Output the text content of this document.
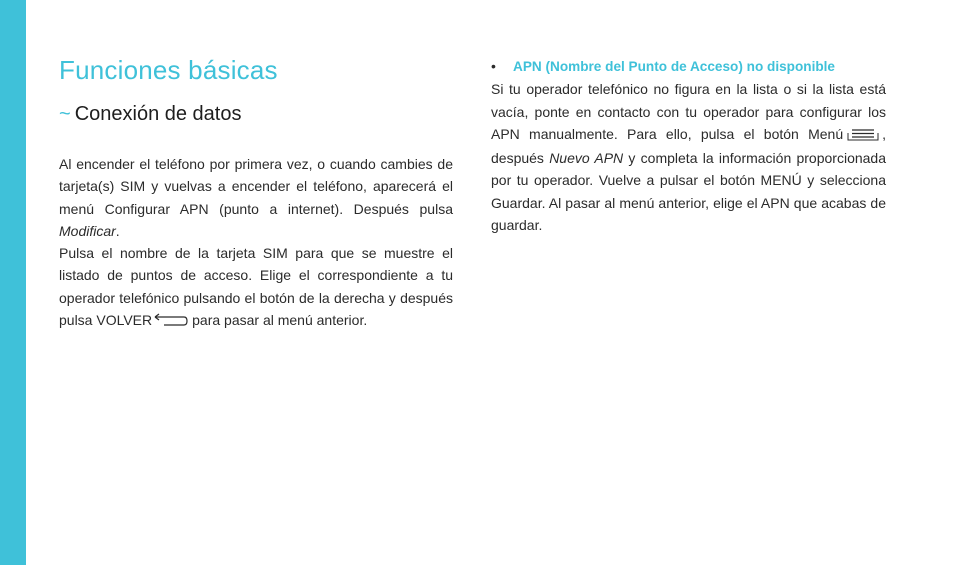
Funciones básicas
~ Conexión de datos

Al encender el teléfono por primera vez, o cuando cambies de tarjeta(s) SIM y vuelvas a encender el teléfono, aparecerá el menú Configurar APN (punto a internet). Después pulsa Modificar.

Pulsa el nombre de la tarjeta SIM para que se muestre el listado de puntos de acceso. Elige el correspondiente a tu operador telefónico pulsando el botón de la derecha y después pulsa VOLVER	para pasar al menú anterior.

• APN (Nombre del Punto de Acceso) no disponible

Si tu operador telefónico no figura en la lista o si la lista está vacía, ponte en contacto con tu operador para configurar los APN manualmente. Para ello, pulsa el botón Menú	, después Nuevo APN y completa la información proporcionada por tu operador. Vuelve a pulsar el botón MENÚ y selecciona Guardar. Al pasar al menú anterior, elige el APN que acabas de guardar.
